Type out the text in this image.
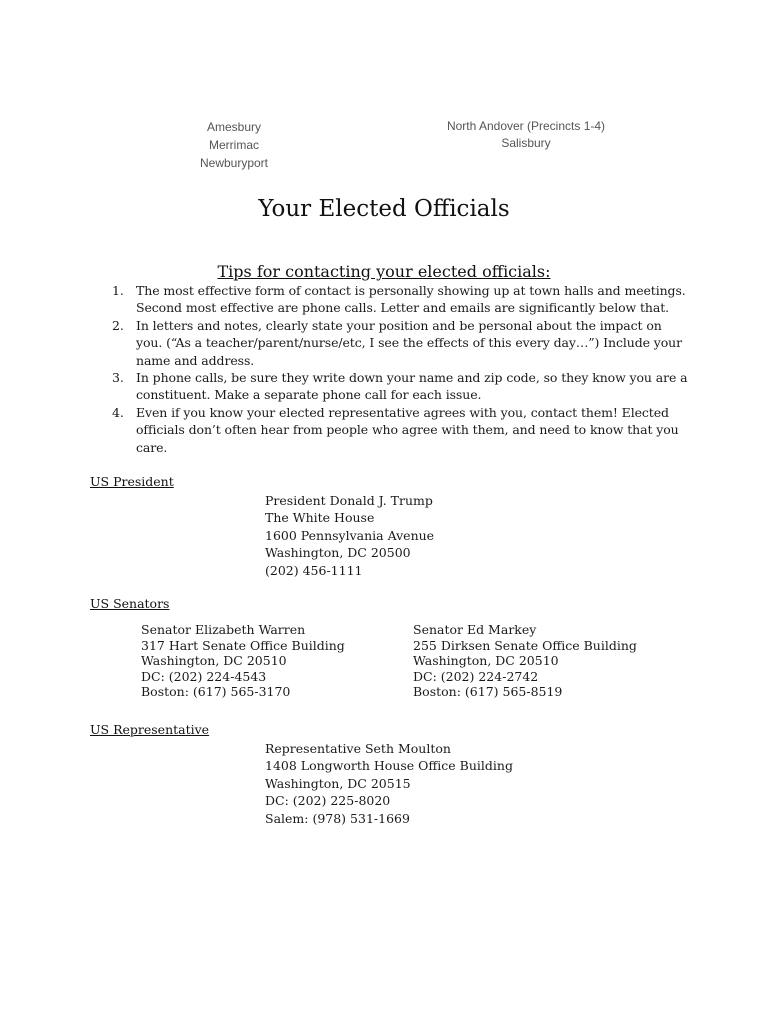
Amesbury
Merrimac
Newburyport
North Andover (Precincts 1-4)
Salisbury
Your Elected Officials
Tips for contacting your elected officials:
1. The most effective form of contact is personally showing up at town halls and meetings.
Second most effective are phone calls. Letter and emails are significantly below that.
2. In letters and notes, clearly state your position and be personal about the impact on
you. (“As a teacher/parent/nurse/etc, I see the effects of this every day…”) Include your
name and address.
3. In phone calls, be sure they write down your name and zip code, so they know you are a
constituent. Make a separate phone call for each issue.
4. Even if you know your elected representative agrees with you, contact them! Elected
officials don’t often hear from people who agree with them, and need to know that you
care.
US President
President Donald J. Trump
The White House
1600 Pennsylvania Avenue
Washington, DC 20500
(202) 456-1111
US Senators
Senator Elizabeth Warren
317 Hart Senate Office Building
Washington, DC 20510
DC: (202) 224-4543
Boston: (617) 565-3170
Senator Ed Markey
255 Dirksen Senate Office Building
Washington, DC 20510
DC: (202) 224-2742
Boston: (617) 565-8519
US Representative
Representative Seth Moulton
1408 Longworth House Office Building
Washington, DC 20515
DC: (202) 225-8020
Salem: (978) 531-1669
